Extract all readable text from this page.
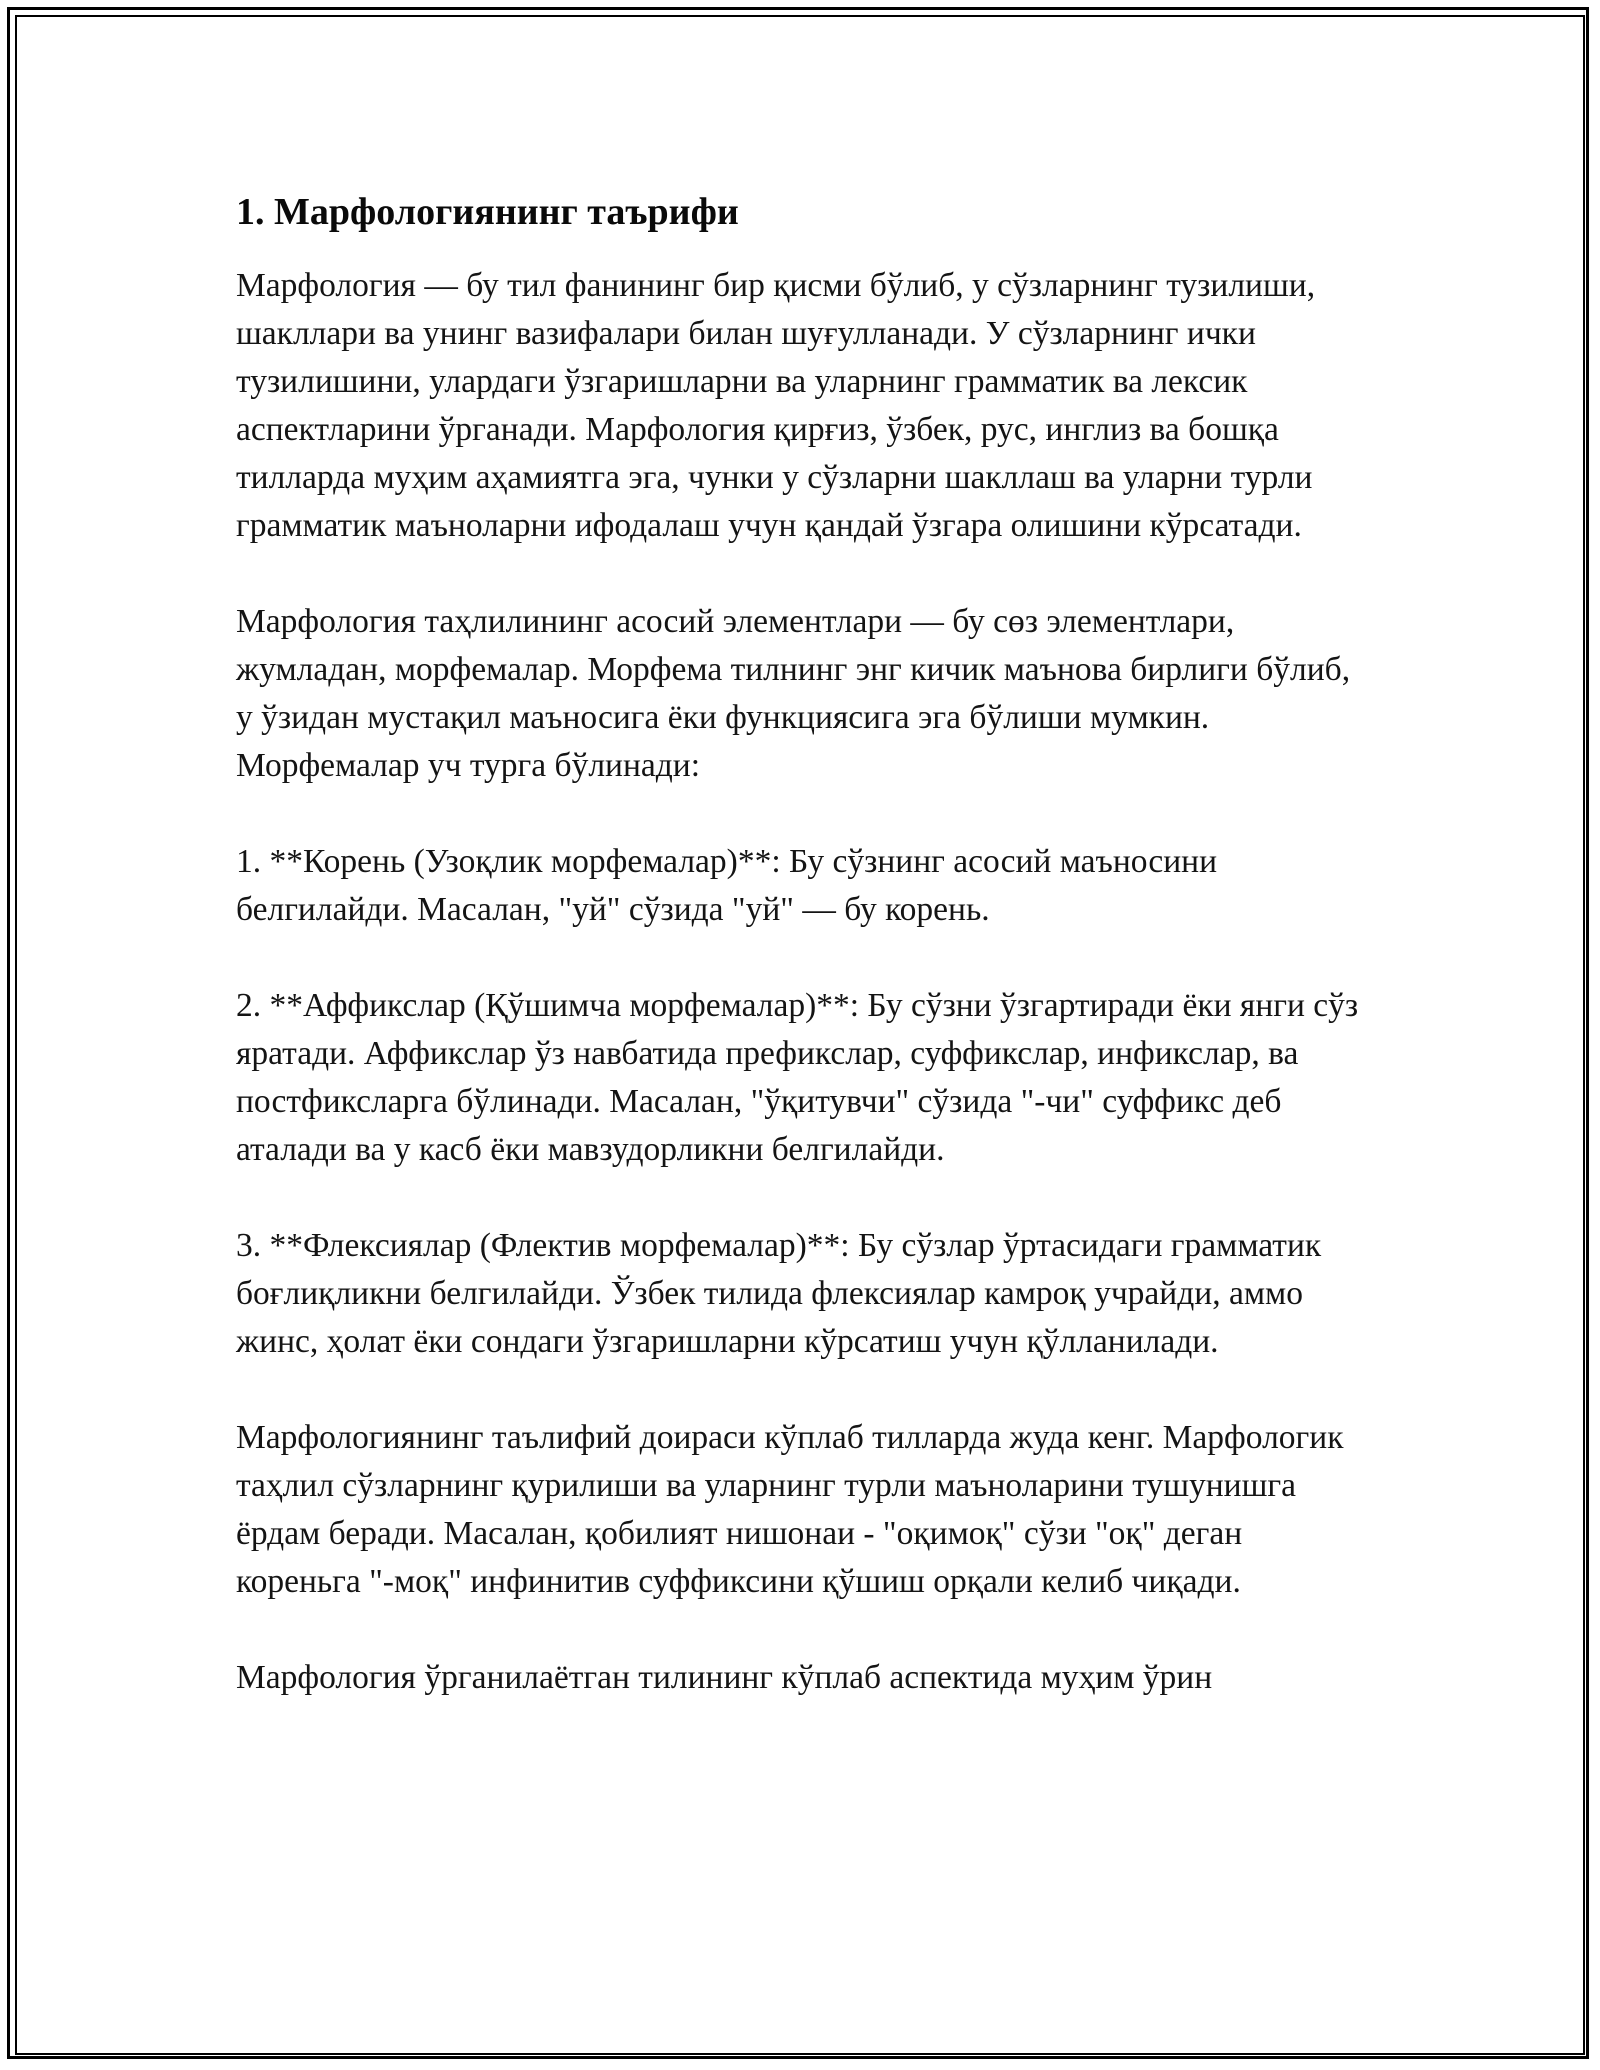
1. Марфологиянинг таърифи

Марфология — бу тил фанининг бир қисми бўлиб, у сўзларнинг тузилиши, шакллари ва унинг вазифалари билан шуғулланади. У сўзларнинг ички тузилишини, улардаги ўзгаришларни ва уларнинг грамматик ва лексик аспектларини ўрганади. Марфология қирғиз, ўзбек, рус, инглиз ва бошқа тилларда муҳим аҳамиятга эга, чунки у сўзларни шакллаш ва уларни турли грамматик маъноларни ифодалаш учун қандай ўзгара олишини кўрсатади.

Марфология таҳлилининг асосий элементлари — бу сөз элементлари, жумладан, морфемалар. Морфема тилнинг энг кичик маънова бирлиги бўлиб, у ўзидан мустақил маъносига ёки функциясига эга бўлиши мумкин. Морфемалар уч турга бўлинади:

1. **Корень (Узоқлик морфемалар)**: Бу сўзнинг асосий маъносини белгилайди. Масалан, "уй" сўзида "уй" — бу корень.

2. **Аффикслар (Қўшимча морфемалар)**: Бу сўзни ўзгартиради ёки янги сўз яратади. Аффикслар ўз навбатида префикслар, суффикслар, инфикслар, ва постфиксларга бўлинади. Масалан, "ўқитувчи" сўзида "-чи" суффикс деб аталади ва у касб ёки мавзудорликни белгилайди.

3. **Флексиялар (Флектив морфемалар)**: Бу сўзлар ўртасидаги грамматик боғлиқликни белгилайди. Ўзбек тилида флексиялар камроқ учрайди, аммо жинс, ҳолат ёки сондаги ўзгаришларни кўрсатиш учун қўлланилади.

Марфологиянинг таълифий доираси кўплаб тилларда жуда кенг. Марфологик таҳлил сўзларнинг қурилиши ва уларнинг турли маъноларини тушунишга ёрдам беради. Масалан, қобилият нишонаи - "оқимоқ" сўзи "оқ" деган кореньга "-моқ" инфинитив суффиксини қўшиш орқали келиб чиқади.

Марфология ўрганилаётган тилининг кўплаб аспектида муҳим ўрин
